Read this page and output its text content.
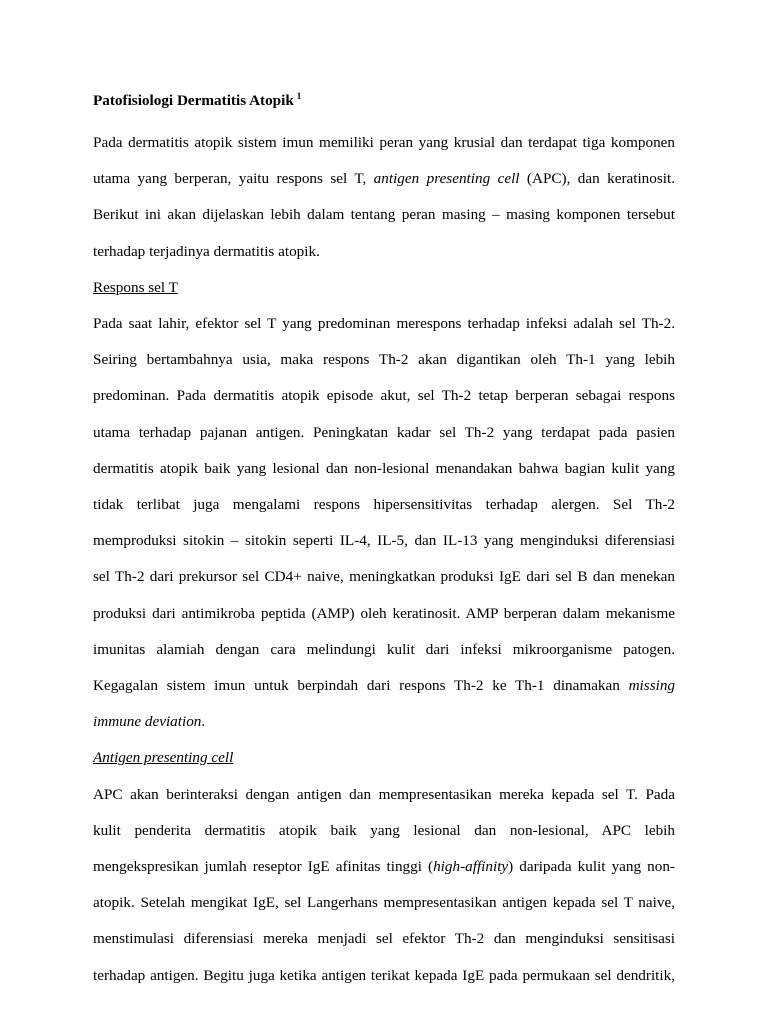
Patofisiologi Dermatitis Atopik $^1$

Pada dermatitis atopik sistem imun memiliki peran yang krusial dan terdapat tiga komponen
utama yang berperan, yaitu respons sel T, antigen presenting cell (APC), dan keratinosit.
Berikut ini akan dijelaskan lebih dalam tentang peran masing – masing komponen tersebut
terhadap terjadinya dermatitis atopik.

Respons sel T

Pada saat lahir, efektor sel T yang predominan merespons terhadap infeksi adalah sel Th-2.
Seiring bertambahnya usia, maka respons Th-2 akan digantikan oleh Th-1 yang lebih
predominan. Pada dermatitis atopik episode akut, sel Th-2 tetap berperan sebagai respons
utama terhadap pajanan antigen. Peningkatan kadar sel Th-2 yang terdapat pada pasien
dermatitis atopik baik yang lesional dan non-lesional menandakan bahwa bagian kulit yang
tidak terlibat juga mengalami respons hipersensitivitas terhadap alergen. Sel Th-2
memproduksi sitokin – sitokin seperti IL-4, IL-5, dan IL-13 yang menginduksi diferensiasi
sel Th-2 dari prekursor sel CD4+ naive, meningkatkan produksi IgE dari sel B dan menekan
produksi dari antimikroba peptida (AMP) oleh keratinosit. AMP berperan dalam mekanisme
imunitas alamiah dengan cara melindungi kulit dari infeksi mikroorganisme patogen.
Kegagalan sistem imun untuk berpindah dari respons Th-2 ke Th-1 dinamakan missing
immune deviation.

Antigen presenting cell

APC akan berinteraksi dengan antigen dan mempresentasikan mereka kepada sel T. Pada
kulit penderita dermatitis atopik baik yang lesional dan non-lesional, APC lebih
mengekspresikan jumlah reseptor IgE afinitas tinggi (high-affinity) daripada kulit yang non-
atopik. Setelah mengikat IgE, sel Langerhans mempresentasikan antigen kepada sel T naive,
menstimulasi diferensiasi mereka menjadi sel efektor Th-2 dan menginduksi sensitisasi
terhadap antigen. Begitu juga ketika antigen terikat kepada IgE pada permukaan sel dendritik,
